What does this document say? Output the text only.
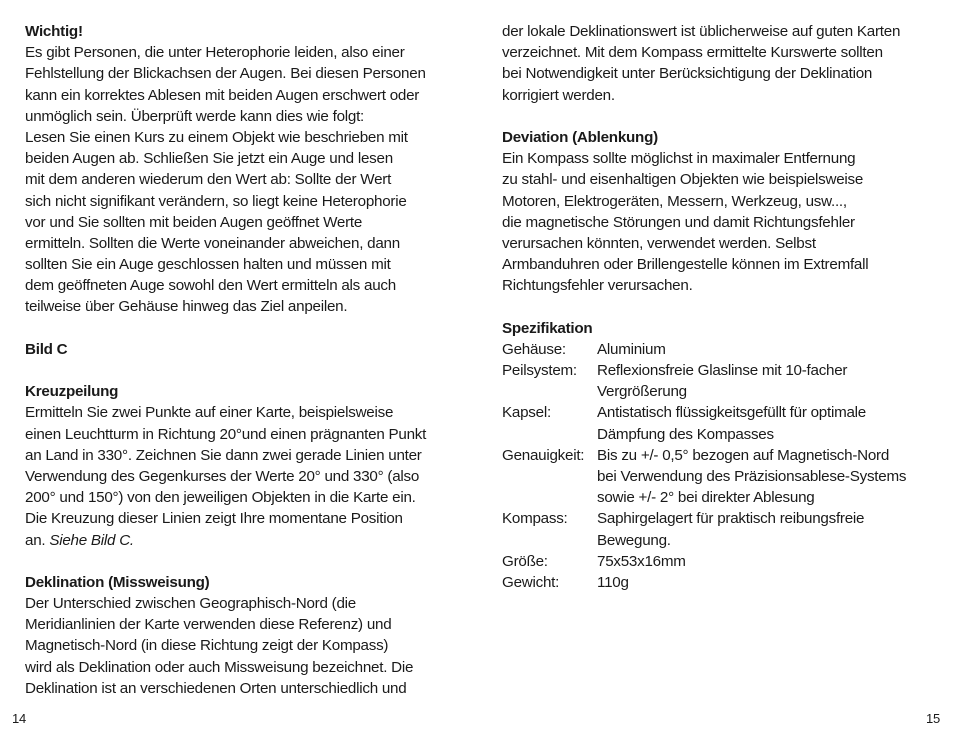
Wichtig!
Es gibt Personen, die unter Heterophorie leiden, also einer
Fehlstellung der Blickachsen der Augen. Bei diesen Personen
kann ein korrektes Ablesen mit beiden Augen erschwert oder
unmöglich sein. Überprüft werde kann dies wie folgt:
Lesen Sie einen Kurs zu einem Objekt wie beschrieben mit
beiden Augen ab. Schließen Sie jetzt ein Auge und lesen
mit dem anderen wiederum den Wert ab: Sollte der Wert
sich nicht signifikant verändern, so liegt keine Heterophorie
vor und Sie sollten mit beiden Augen geöffnet Werte
ermitteln. Sollten die Werte voneinander abweichen, dann
sollten Sie ein Auge geschlossen halten und müssen mit
dem geöffneten Auge sowohl den Wert ermitteln als auch
teilweise über Gehäuse hinweg das Ziel anpeilen.
Bild C
Kreuzpeilung
Ermitteln Sie zwei Punkte auf einer Karte, beispielsweise
einen Leuchtturm in Richtung 20°und einen prägnanten Punkt
an Land in 330°. Zeichnen Sie dann zwei gerade Linien unter
Verwendung des Gegenkurses der Werte 20° und 330° (also
200° und 150°) von den jeweiligen Objekten in die Karte ein.
Die Kreuzung dieser Linien zeigt Ihre momentane Position
an. Siehe Bild C.
Deklination (Missweisung)
Der Unterschied zwischen Geographisch-Nord (die
Meridianlinien der Karte verwenden diese Referenz) und
Magnetisch-Nord (in diese Richtung zeigt der Kompass)
wird als Deklination oder auch Missweisung bezeichnet. Die
Deklination ist an verschiedenen Orten unterschiedlich und
der lokale Deklinationswert ist üblicherweise auf guten Karten
verzeichnet. Mit dem Kompass ermittelte Kurswerte sollten
bei Notwendigkeit unter Berücksichtigung der Deklination
korrigiert werden.
Deviation (Ablenkung)
Ein Kompass sollte möglichst in maximaler Entfernung
zu stahl- und eisenhaltigen Objekten wie beispielsweise
Motoren, Elektrogeräten, Messern, Werkzeug, usw...,
die magnetische Störungen und damit Richtungsfehler
verursachen könnten, verwendet werden. Selbst
Armbanduhren oder Brillengestelle können im Extremfall
Richtungsfehler verursachen.
Spezifikation
Gehäuse:	Aluminium
Peilsystem:	Reflexionsfreie Glaslinse mit 10-facher
Vergrößerung
Kapsel:	Antistatisch flüssigkeitsgefüllt für optimale
Dämpfung des Kompasses
Genauigkeit: Bis zu +/- 0,5° bezogen auf Magnetisch-Nord
bei Verwendung des Präzisionsablese-Systems
sowie +/- 2° bei direkter Ablesung
Kompass:	Saphirgelagert für praktisch reibungsfreie
Bewegung.
Größe:	75x53x16mm
Gewicht:	110g
14	15
